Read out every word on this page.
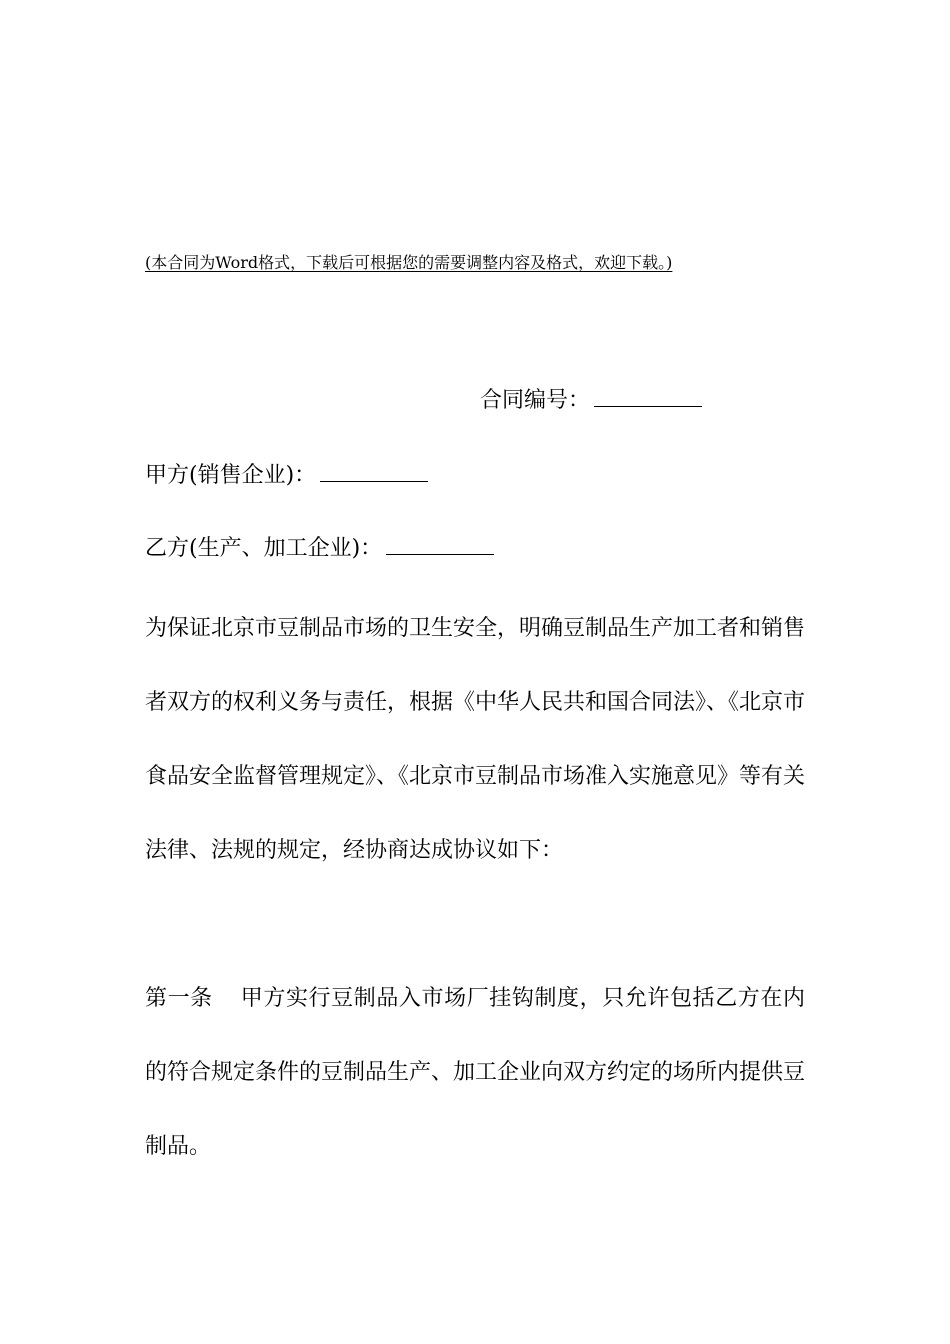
(本合同为Word格式，下载后可根据您的需要调整内容及格式，欢迎下载。)
合同编号：
甲方(销售企业)：
乙方(生产、加工企业)：
为保证北京市豆制品市场的卫生安全，明确豆制品生产加工者和销售者双方的权利义务与责任，根据《中华人民共和国合同法》、《北京市食品安全监督管理规定》、《北京市豆制品市场准入实施意见》等有关法律、法规的规定，经协商达成协议如下：
第一条 甲方实行豆制品入市场厂挂钩制度，只允许包括乙方在内的符合规定条件的豆制品生产、加工企业向双方约定的场所内提供豆制品。
